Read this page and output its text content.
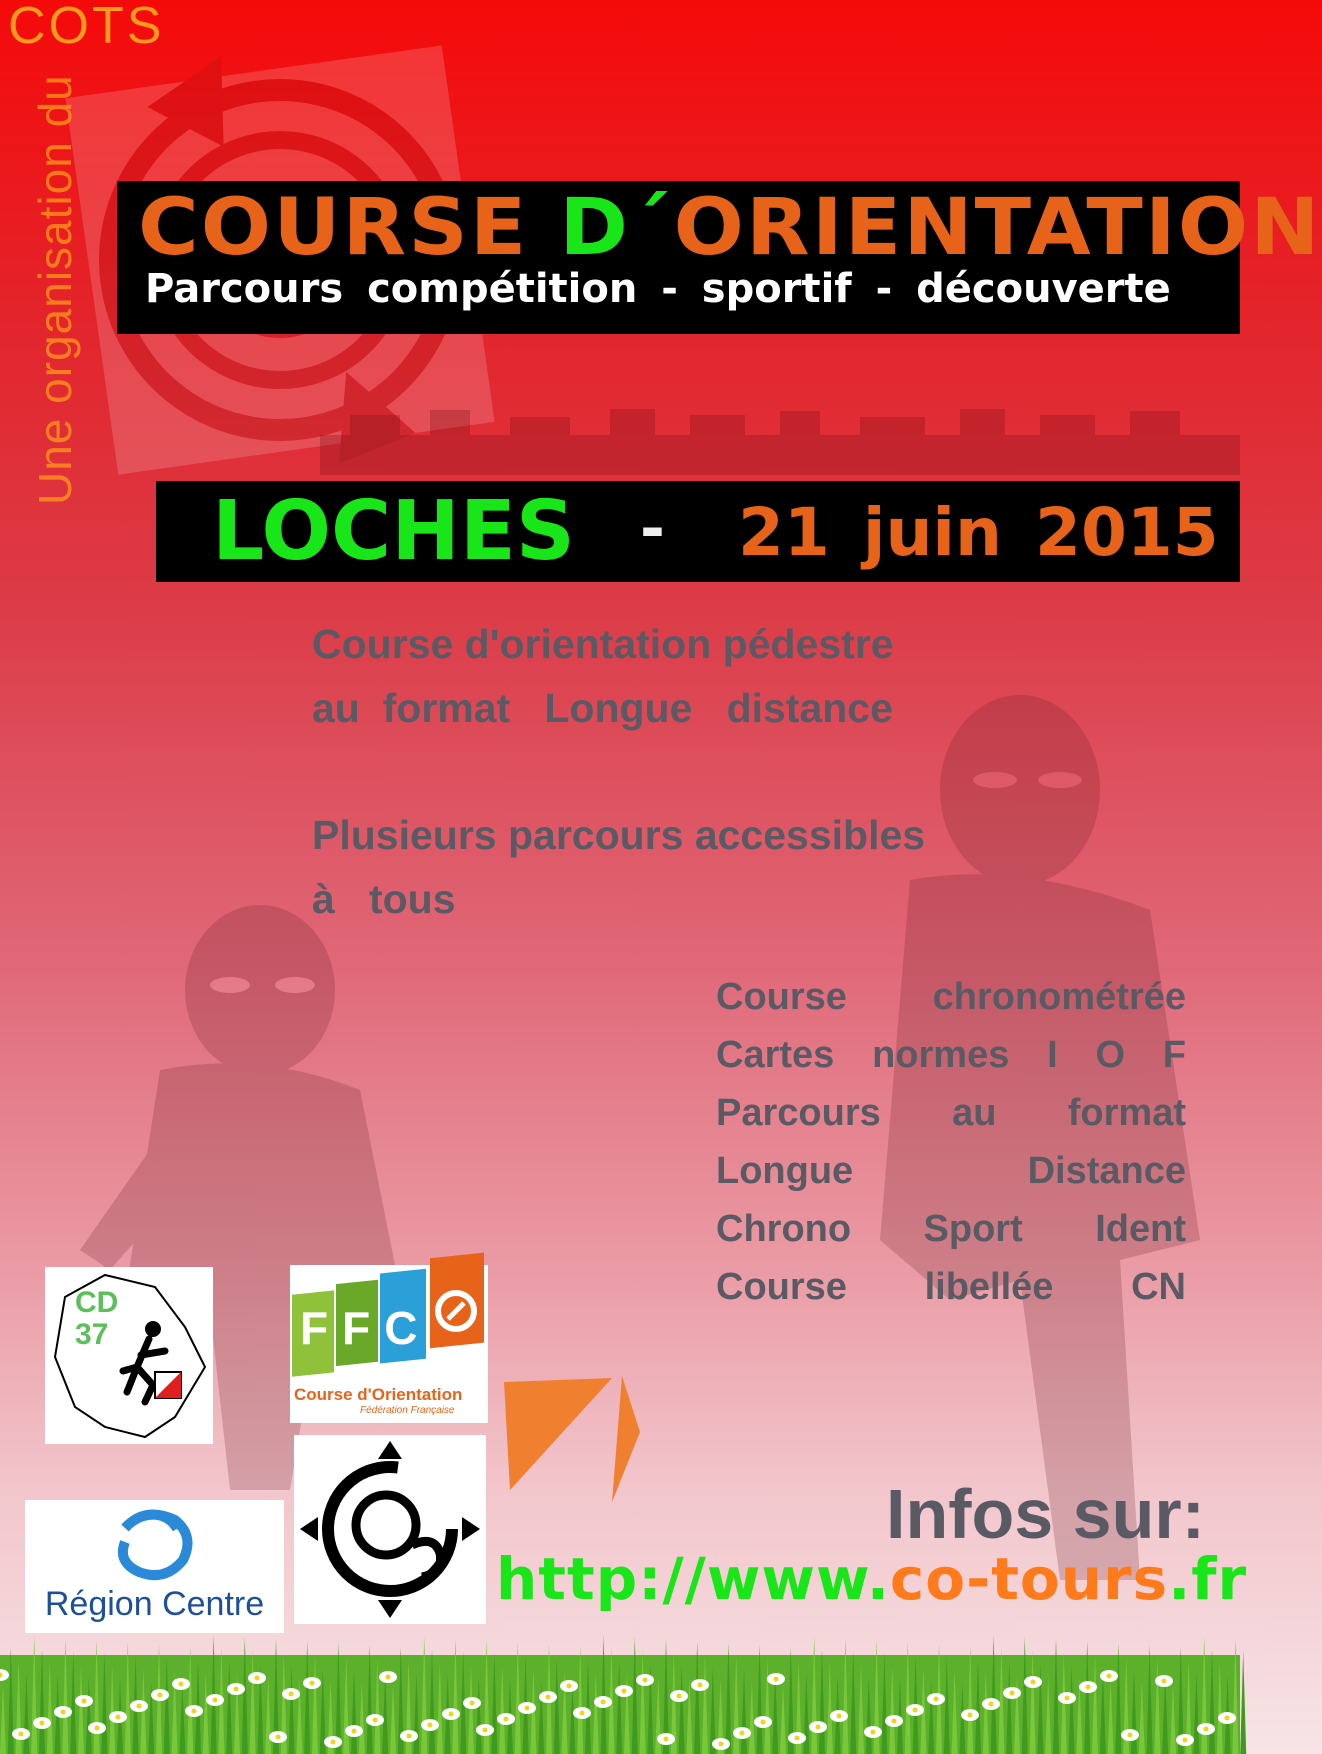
COTS
Une organisation du COURSE D´ORIENTATION
Parcours compétition - sportif - découverte
LOCHES - 21 juin 2015
Course d'orientation pédestre
au  format   Longue   distance
Plusieurs parcours accessibles
à   tous
Course chronométrée
Cartes normes I O F
Parcours au format
Longue	Distance
Chrono Sport Ident
Course libellée CN
CD
37	FFC
Course d'Orientation
Fédération Française
Région Centre
Infos sur:
http://www.co-tours.fr
